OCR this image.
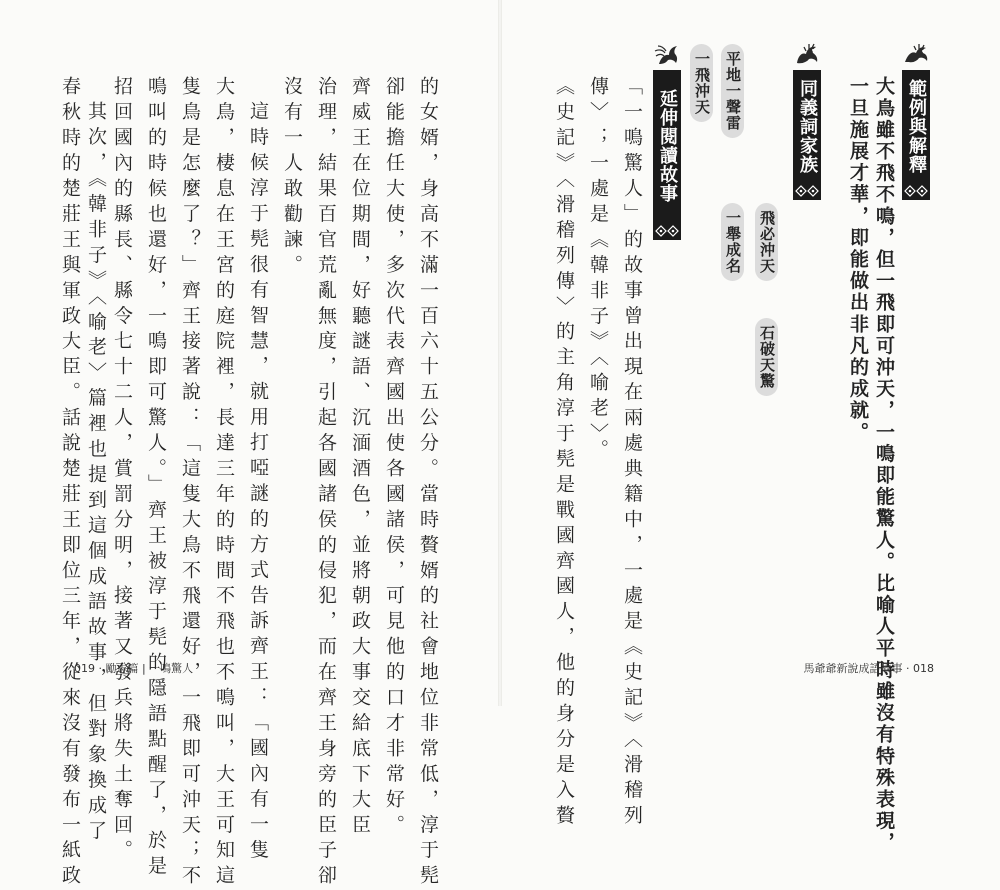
範例與解釋
大鳥雖不飛不鳴，但一飛即可沖天，一鳴即能驚人。比喻人平時雖沒有特殊表現，
一旦施展才華，即能做出非凡的成就。
同義詞家族
飛必沖天
石破天驚
平地一聲雷
一舉成名
一飛沖天
延伸閱讀故事
「一鳴驚人」的故事曾出現在兩處典籍中，一處是《史記》〈滑稽列
傳〉；一處是《韓非子》〈喻老〉。
《史記》〈滑稽列傳〉的主角淳于髡是戰國齊國人，他的身分是入贅	馬爺爺新說成語故事 · 018
的女婿，身高不滿一百六十五公分。當時贅婿的社會地位非常低，淳于髡
卻能擔任大使，多次代表齊國出使各國諸侯，可見他的口才非常好。
齊威王在位期間，好聽謎語、沉湎酒色，並將朝政大事交給底下大臣
治理，結果百官荒亂無度，引起各國諸侯的侵犯，而在齊王身旁的臣子卻
沒有一人敢勸諫。
這時候淳于髡很有智慧，就用打啞謎的方式告訴齊王：「國內有一隻
大鳥，棲息在王宮的庭院裡，長達三年的時間不飛也不鳴叫，大王可知這
隻鳥是怎麼了？」齊王接著說：「這隻大鳥不飛還好，一飛即可沖天；不
鳴叫的時候也還好，一鳴即可驚人。」齊王被淳于髡的隱語點醒了，於是
招回國內的縣長、縣令七十二人，賞罰分明，接著又發兵將失土奪回。
其次，《韓非子》〈喻老〉篇裡也提到這個成語故事，但對象換成了
春秋時的楚莊王與軍政大臣。話說楚莊王即位三年，從來沒有發布一紙政
019 · 勵志篇 | 一鳴驚人
